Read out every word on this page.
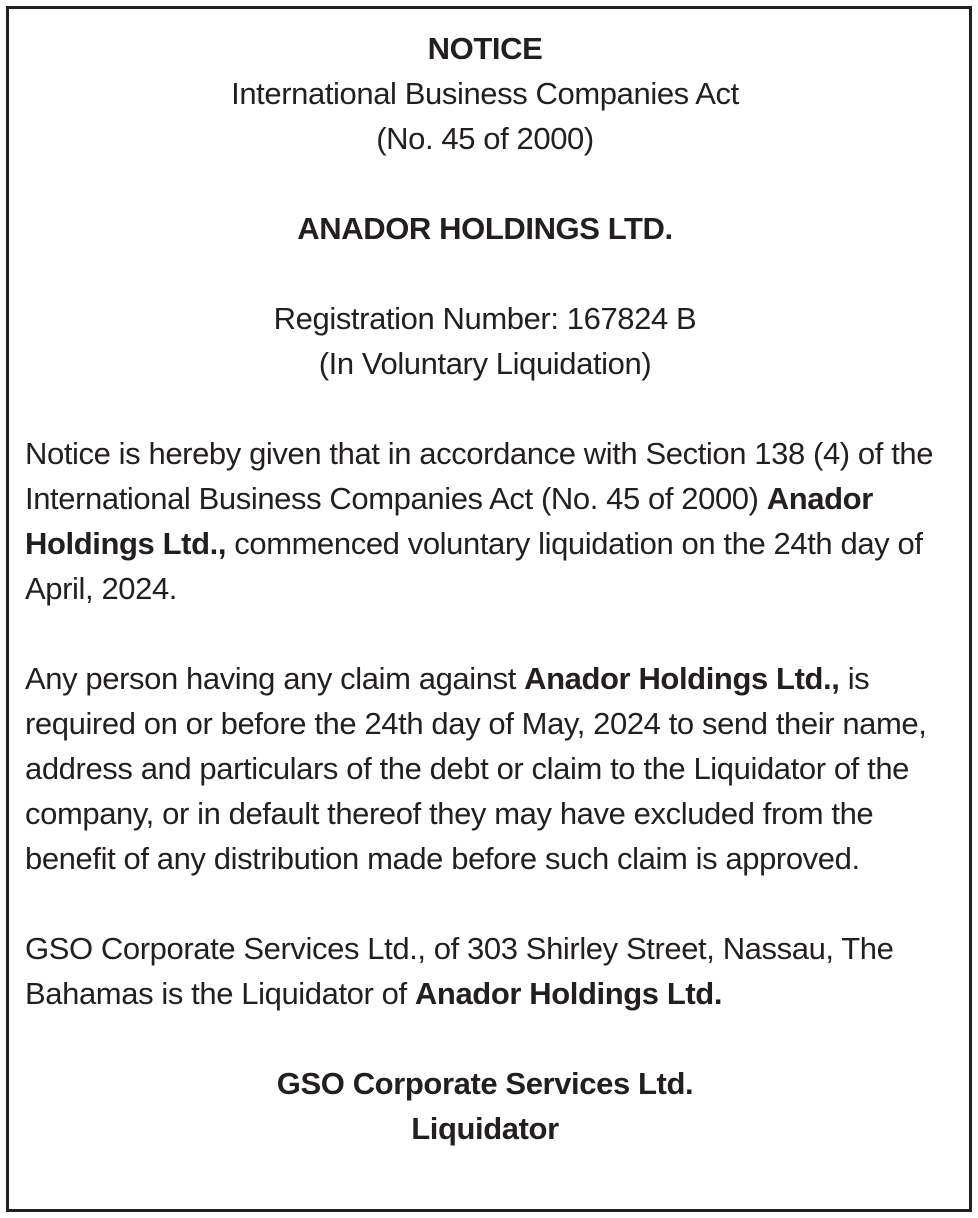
NOTICE
International Business Companies Act
(No. 45 of 2000)
ANADOR HOLDINGS LTD.
Registration Number: 167824 B
(In Voluntary Liquidation)
Notice is hereby given that in accordance with Section 138 (4) of the International Business Companies Act (No. 45 of 2000) Anador Holdings Ltd., commenced voluntary liquidation on the 24th day of April, 2024.
Any person having any claim against Anador Holdings Ltd., is required on or before the 24th day of May, 2024 to send their name, address and particulars of the debt or claim to the Liquidator of the company, or in default thereof they may have excluded from the benefit of any distribution made before such claim is approved.
GSO Corporate Services Ltd., of 303 Shirley Street, Nassau, The Bahamas is the Liquidator of Anador Holdings Ltd.
GSO Corporate Services Ltd.
Liquidator
